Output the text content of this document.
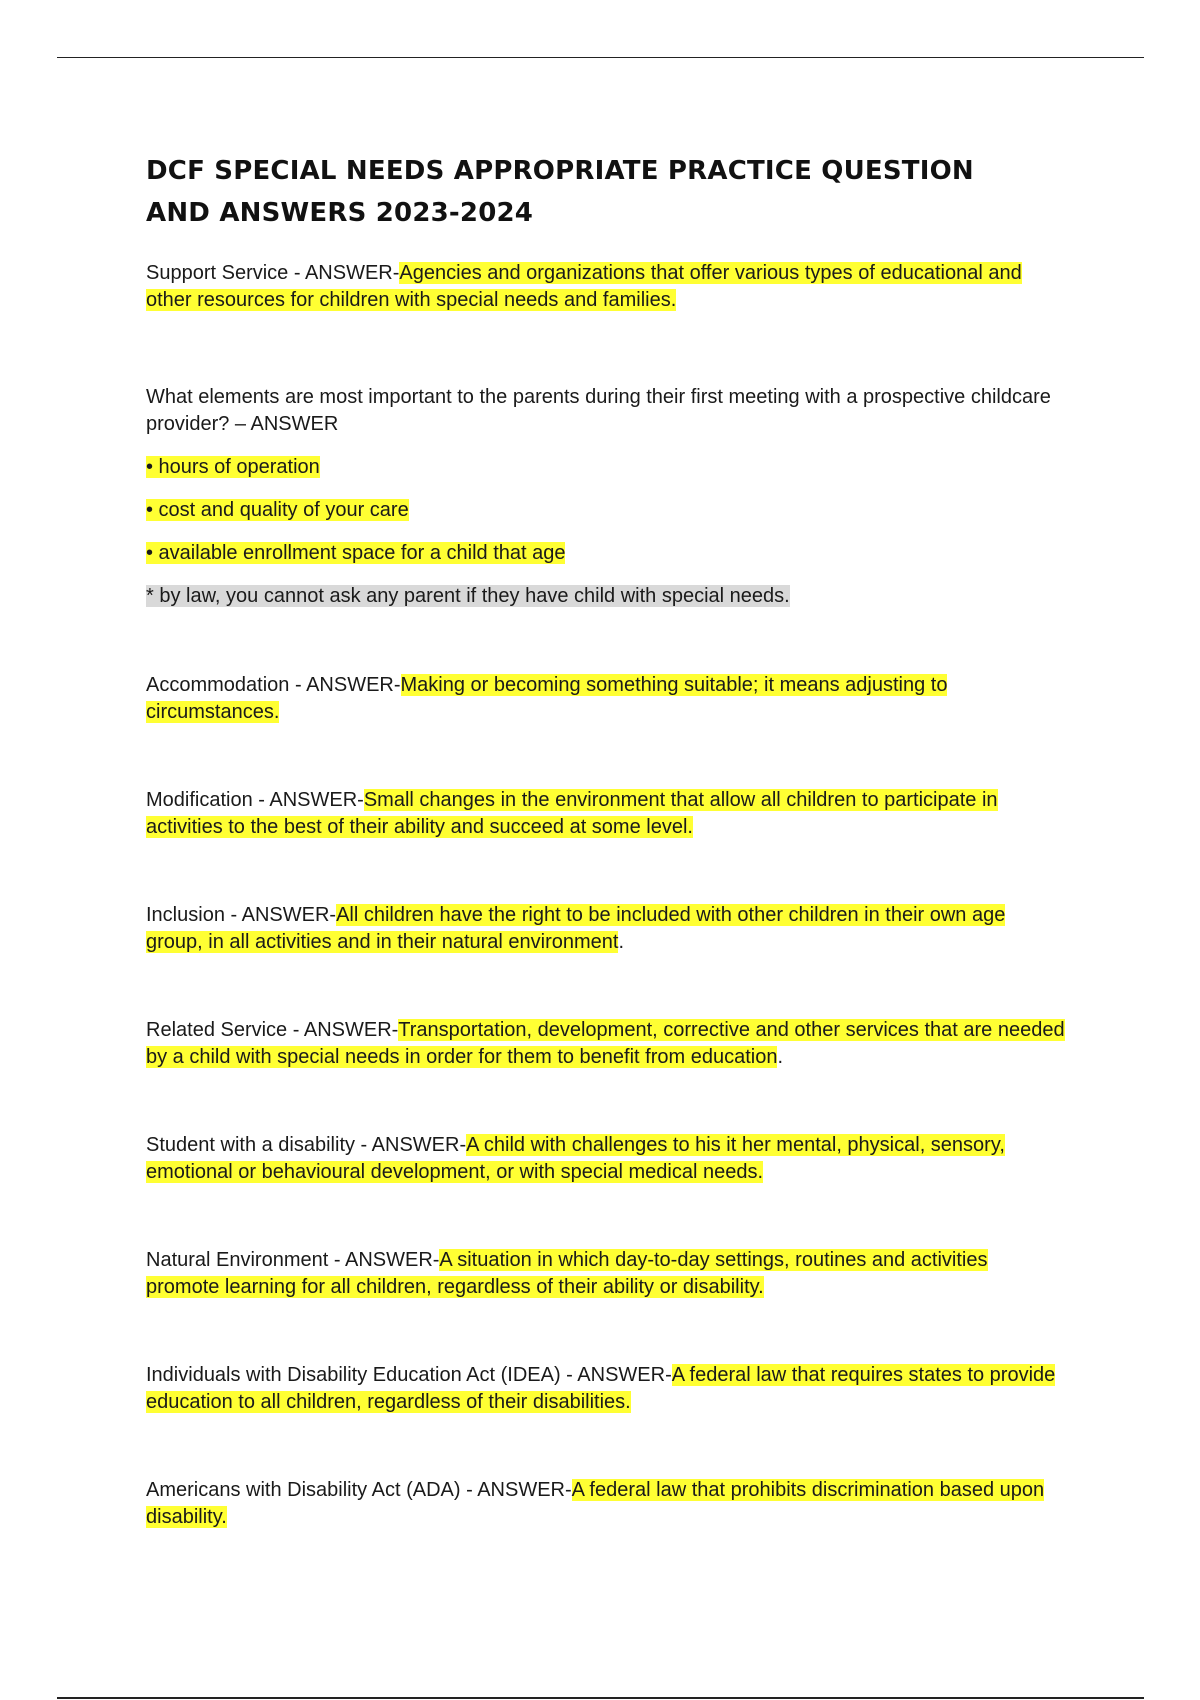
DCF SPECIAL NEEDS APPROPRIATE PRACTICE QUESTION
AND ANSWERS 2023-2024

Support Service - ANSWER-Agencies and organizations that offer various types of educational and other resources for children with special needs and families.

What elements are most important to the parents during their first meeting with a prospective childcare provider? – ANSWER

• hours of operation

• cost and quality of your care

• available enrollment space for a child that age

* by law, you cannot ask any parent if they have child with special needs.

Accommodation - ANSWER-Making or becoming something suitable; it means adjusting to circumstances.

Modification - ANSWER-Small changes in the environment that allow all children to participate in activities to the best of their ability and succeed at some level.

Inclusion - ANSWER-All children have the right to be included with other children in their own age group, in all activities and in their natural environment.

Related Service - ANSWER-Transportation, development, corrective and other services that are needed by a child with special needs in order for them to benefit from education.

Student with a disability - ANSWER-A child with challenges to his it her mental, physical, sensory, emotional or behavioural development, or with special medical needs.

Natural Environment - ANSWER-A situation in which day-to-day settings, routines and activities promote learning for all children, regardless of their ability or disability.

Individuals with Disability Education Act (IDEA) - ANSWER-A federal law that requires states to provide education to all children, regardless of their disabilities.

Americans with Disability Act (ADA) - ANSWER-A federal law that prohibits discrimination based upon disability.
